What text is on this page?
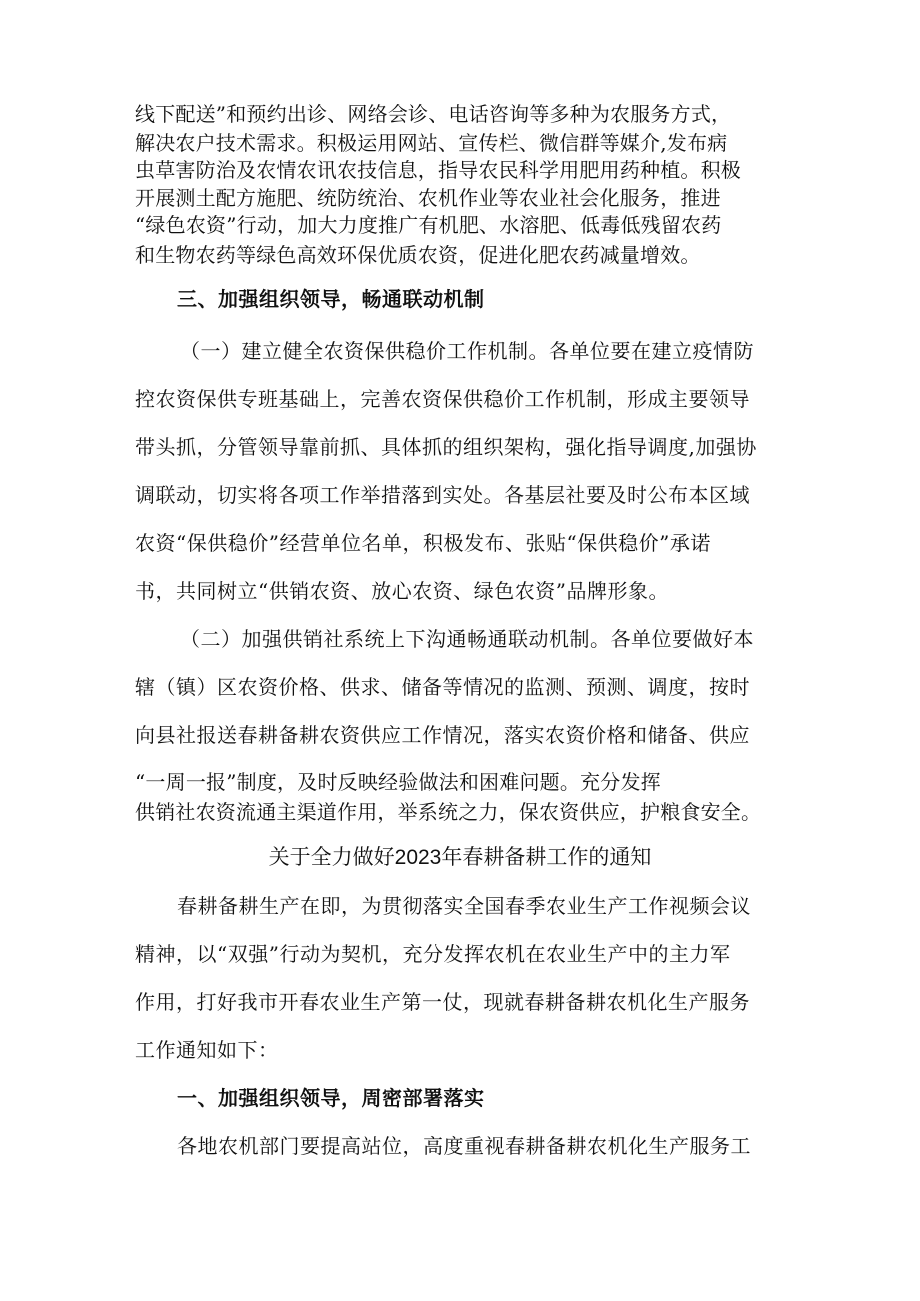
线下配送”和预约出诊、网络会诊、电话咨询等多种为农服务方式，
解决农户技术需求。积极运用网站、宣传栏、微信群等媒介,发布病
虫草害防治及农情农讯农技信息，指导农民科学用肥用药种植。积极
开展测土配方施肥、统防统治、农机作业等农业社会化服务，推进
“绿色农资”行动，加大力度推广有机肥、水溶肥、低毒低残留农药
和生物农药等绿色高效环保优质农资，促进化肥农药减量增效。
三、加强组织领导，畅通联动机制
（一）建立健全农资保供稳价工作机制。各单位要在建立疫情防
控农资保供专班基础上，完善农资保供稳价工作机制，形成主要领导
带头抓，分管领导靠前抓、具体抓的组织架构，强化指导调度,加强协
调联动，切实将各项工作举措落到实处。各基层社要及时公布本区域
农资“保供稳价”经营单位名单，积极发布、张贴“保供稳价”承诺
书，共同树立“供销农资、放心农资、绿色农资”品牌形象。
（二）加强供销社系统上下沟通畅通联动机制。各单位要做好本
辖（镇）区农资价格、供求、储备等情况的监测、预测、调度，按时
向县社报送春耕备耕农资供应工作情况，落实农资价格和储备、供应
“一周一报”制度，及时反映经验做法和困难问题。充分发挥
供销社农资流通主渠道作用，举系统之力，保农资供应，护粮食安全。
关于全力做好2023年春耕备耕工作的通知
春耕备耕生产在即，为贯彻落实全国春季农业生产工作视频会议
精神，以“双强”行动为契机，充分发挥农机在农业生产中的主力军
作用，打好我市开春农业生产第一仗，现就春耕备耕农机化生产服务
工作通知如下：
一、加强组织领导，周密部署落实
各地农机部门要提高站位，高度重视春耕备耕农机化生产服务工
